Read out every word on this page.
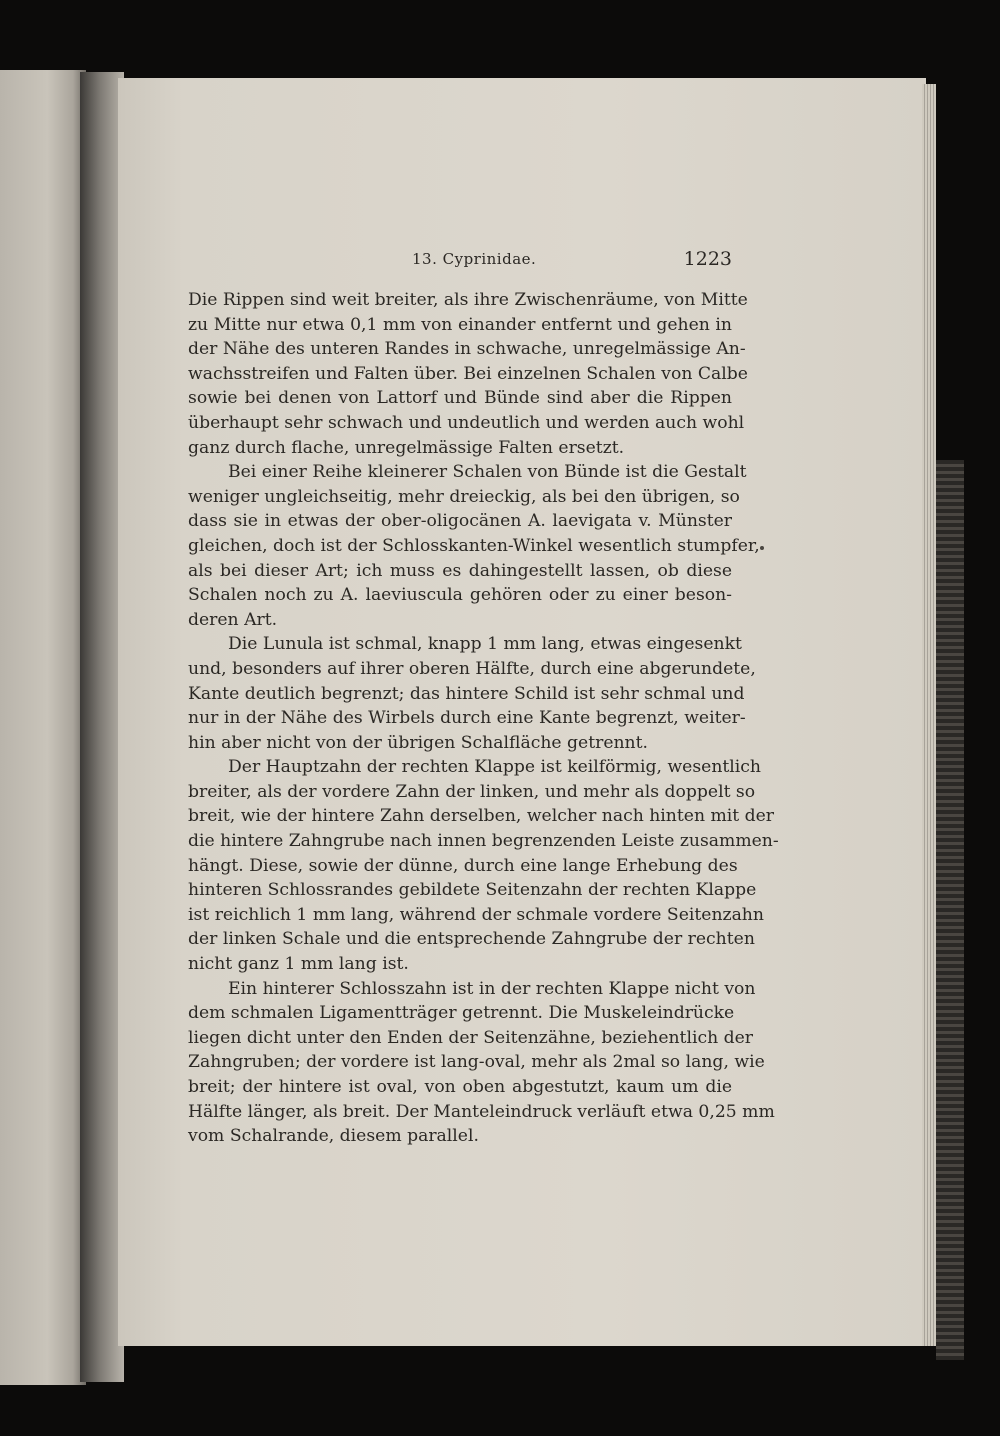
13. Cyprinidae.	1223
Die Rippen sind weit breiter, als ihre Zwischenräume, von Mitte
zu Mitte nur etwa 0,1 mm von einander entfernt und gehen in
der Nähe des unteren Randes in schwache, unregelmässige An-
wachsstreifen und Falten über. Bei einzelnen Schalen von Calbe
sowie bei denen von Lattorf und Bünde sind aber die Rippen
überhaupt sehr schwach und undeutlich und werden auch wohl
ganz durch flache, unregelmässige Falten ersetzt.
Bei einer Reihe kleinerer Schalen von Bünde ist die Gestalt
weniger ungleichseitig, mehr dreieckig, als bei den übrigen, so
dass sie in etwas der ober-oligocänen A. laevigata v. Münster
gleichen, doch ist der Schlosskanten-Winkel wesentlich stumpfer,
als bei dieser Art; ich muss es dahingestellt lassen, ob diese
Schalen noch zu A. laeviuscula gehören oder zu einer beson-
deren Art.
Die Lunula ist schmal, knapp 1 mm lang, etwas eingesenkt
und, besonders auf ihrer oberen Hälfte, durch eine abgerundete,
Kante deutlich begrenzt; das hintere Schild ist sehr schmal und
nur in der Nähe des Wirbels durch eine Kante begrenzt, weiter-
hin aber nicht von der übrigen Schalfläche getrennt.
Der Hauptzahn der rechten Klappe ist keilförmig, wesentlich
breiter, als der vordere Zahn der linken, und mehr als doppelt so
breit, wie der hintere Zahn derselben, welcher nach hinten mit der
die hintere Zahngrube nach innen begrenzenden Leiste zusammen-
hängt. Diese, sowie der dünne, durch eine lange Erhebung des
hinteren Schlossrandes gebildete Seitenzahn der rechten Klappe
ist reichlich 1 mm lang, während der schmale vordere Seitenzahn
der linken Schale und die entsprechende Zahngrube der rechten
nicht ganz 1 mm lang ist.
Ein hinterer Schlosszahn ist in der rechten Klappe nicht von
dem schmalen Ligamentträger getrennt. Die Muskeleindrücke
liegen dicht unter den Enden der Seitenzähne, beziehentlich der
Zahngruben; der vordere ist lang-oval, mehr als 2mal so lang, wie
breit; der hintere ist oval, von oben abgestutzt, kaum um die
Hälfte länger, als breit. Der Manteleindruck verläuft etwa 0,25 mm
vom Schalrande, diesem parallel.
